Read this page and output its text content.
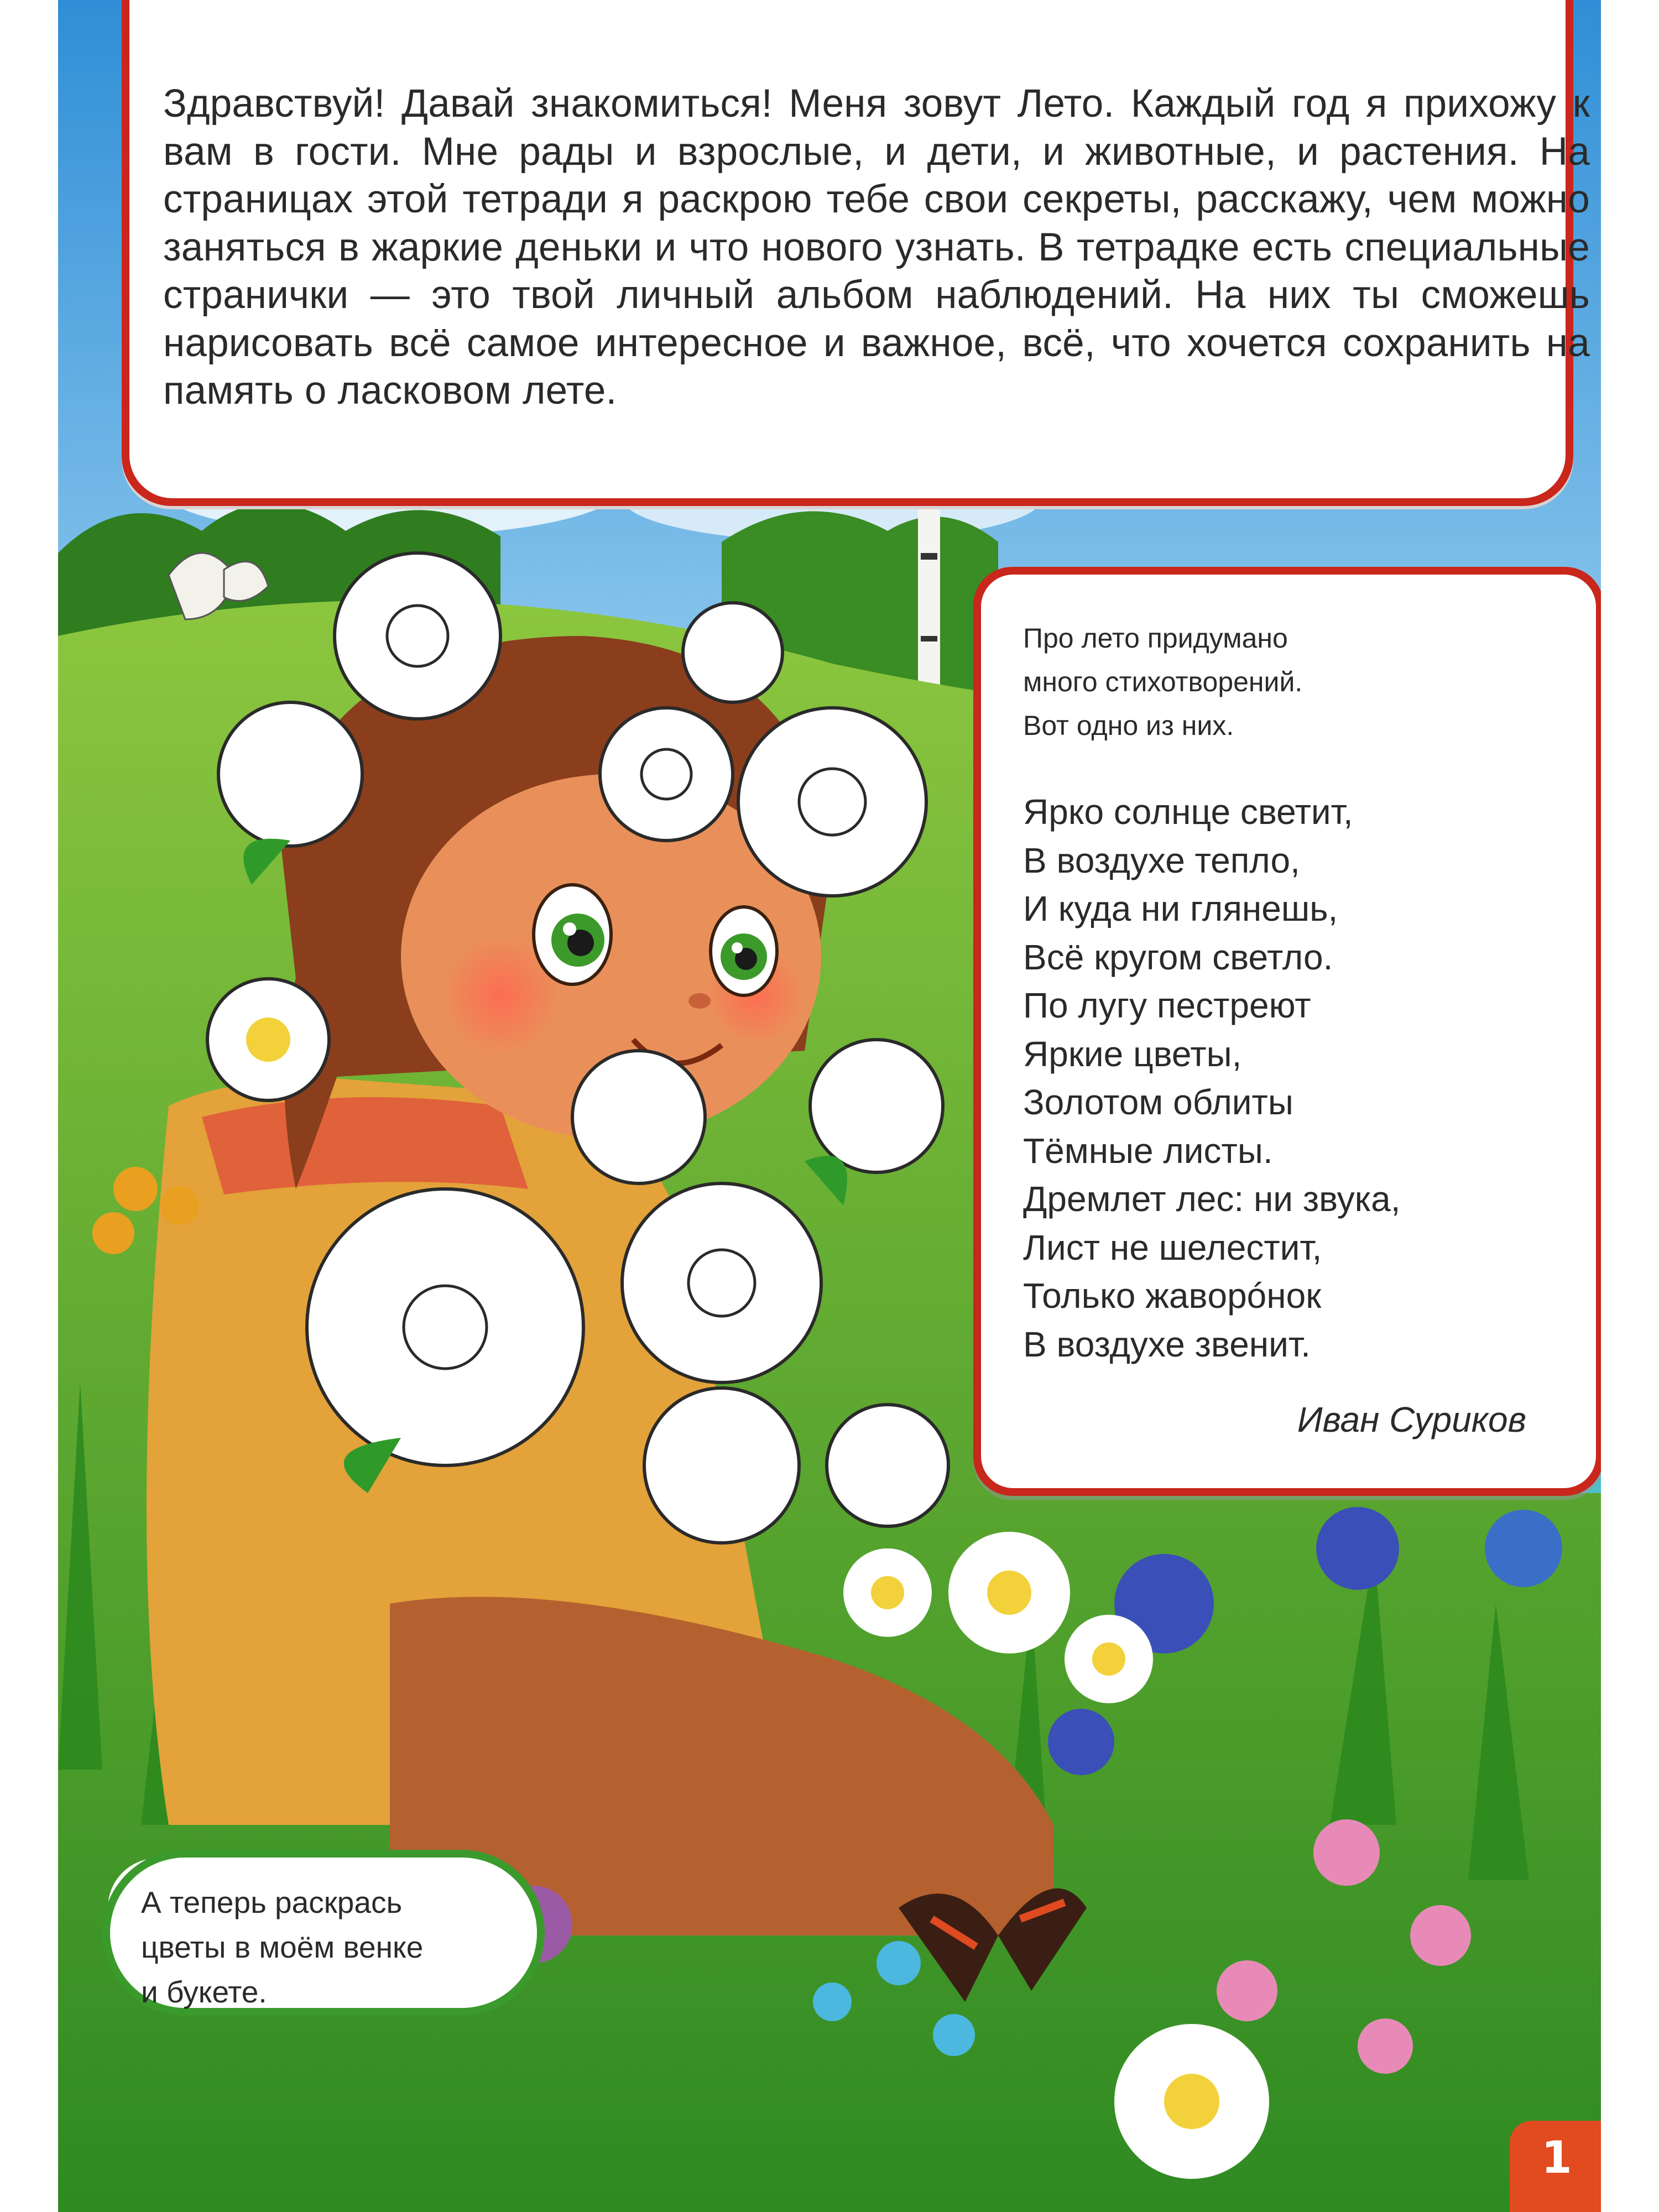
Здравствуй! Давай знакомиться! Меня зовут Лето. Каждый год я прихожу к вам в гости. Мне рады и взрослые, и дети, и животные, и растения. На страницах этой тетради я раскрою тебе свои секреты, расскажу, чем можно заняться в жаркие деньки и что нового узнать. В тетрадке есть специальные странички — это твой личный альбом наблюдений. На них ты сможешь нарисовать всё самое интересное и важное, всё, что хочется сохранить на память о ласковом лете.
Про лето придумано
много стихотворений.
Вот одно из них.
Ярко солнце светит,
В воздухе тепло,
И куда ни глянешь,
Всё кругом светло.
По лугу пестреют
Яркие цветы,
Золотом облиты
Тёмные листы.
Дремлет лес: ни звука,
Лист не шелестит,
Только жавoрóнок
В воздухе звенит.
Иван Суриков
А теперь раскрась
цветы в моём венке
и букете.
1
